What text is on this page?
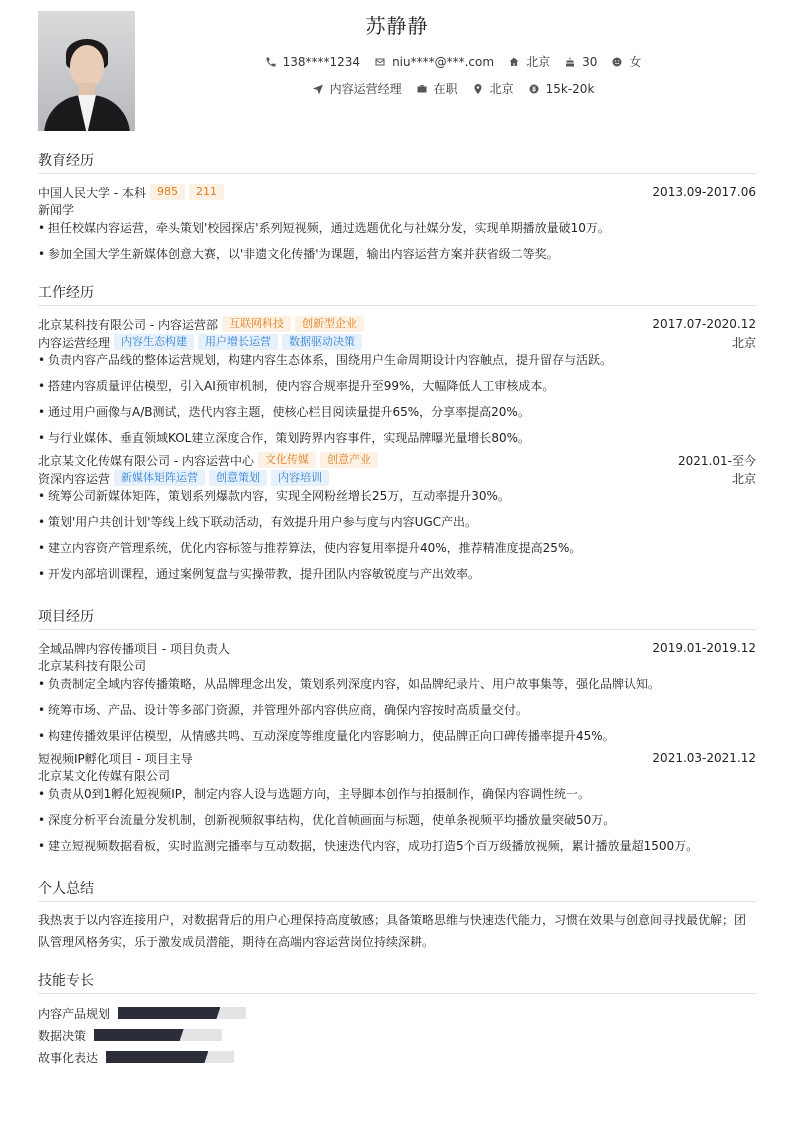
苏静静
138****1234	niu****@***.com	北京	30	女
内容运营经理	在职	北京	15k-20k
教育经历
中国人民大学 - 本科	985	211	2013.09-2017.06
新闻学
• 担任校媒内容运营，牵头策划'校园探店'系列短视频，通过选题优化与社媒分发，实现单期播放量破10万。
• 参加全国大学生新媒体创意大赛，以'非遗文化传播'为课题，输出内容运营方案并获省级二等奖。
工作经历
北京某科技有限公司 - 内容运营部	互联网科技	创新型企业	2017.07-2020.12
内容运营经理	内容生态构建	用户增长运营	数据驱动决策	北京
• 负责内容产品线的整体运营规划，构建内容生态体系，围绕用户生命周期设计内容触点，提升留存与活跃。
• 搭建内容质量评估模型，引入AI预审机制，使内容合规率提升至99%，大幅降低人工审核成本。
• 通过用户画像与A/B测试，迭代内容主题，使核心栏目阅读量提升65%，分享率提高20%。
• 与行业媒体、垂直领域KOL建立深度合作，策划跨界内容事件，实现品牌曝光量增长80%。
北京某文化传媒有限公司 - 内容运营中心	文化传媒	创意产业	2021.01-至今
资深内容运营	新媒体矩阵运营	创意策划	内容培训	北京
• 统筹公司新媒体矩阵，策划系列爆款内容，实现全网粉丝增长25万，互动率提升30%。
• 策划'用户共创计划'等线上线下联动活动，有效提升用户参与度与内容UGC产出。
• 建立内容资产管理系统，优化内容标签与推荐算法，使内容复用率提升40%，推荐精准度提高25%。
• 开发内部培训课程，通过案例复盘与实操带教，提升团队内容敏锐度与产出效率。
项目经历
全域品牌内容传播项目 - 项目负责人	2019.01-2019.12
北京某科技有限公司
• 负责制定全域内容传播策略，从品牌理念出发，策划系列深度内容，如品牌纪录片、用户故事集等，强化品牌认知。
• 统筹市场、产品、设计等多部门资源，并管理外部内容供应商，确保内容按时高质量交付。
• 构建传播效果评估模型，从情感共鸣、互动深度等维度量化内容影响力，使品牌正向口碑传播率提升45%。
短视频IP孵化项目 - 项目主导	2021.03-2021.12
北京某文化传媒有限公司
• 负责从0到1孵化短视频IP，制定内容人设与选题方向，主导脚本创作与拍摄制作，确保内容调性统一。
• 深度分析平台流量分发机制，创新视频叙事结构，优化首帧画面与标题，使单条视频平均播放量突破50万。
• 建立短视频数据看板，实时监测完播率与互动数据，快速迭代内容，成功打造5个百万级播放视频，累计播放量超1500万。
个人总结
我热衷于以内容连接用户，对数据背后的用户心理保持高度敏感；具备策略思维与快速迭代能力，习惯在效果与创意间寻找最优解；团队管理风格务实，乐于激发成员潜能，期待在高端内容运营岗位持续深耕。
技能专长
内容产品规划
数据决策
故事化表达
